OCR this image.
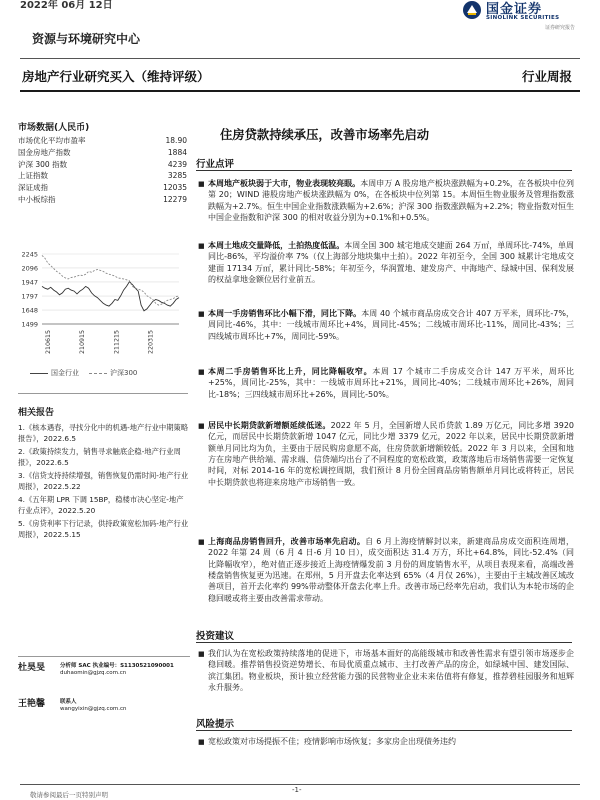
2022年 06月 12日	国金证券
SINOLINK SECURITIES
证券研究报告
资源与环境研究中心
房地产行业研究买入（维持评级）	行业周报
市场数据(人民币)
市场优化平均市盈率	18.90
国金房地产指数	1884
沪深 300 指数	4239
上证指数	3285
深证成指	12035
中小板综指	12279
2245
2096
1947
1797
1648
1499
210615	210915	211215	220315
国金行业	沪深300
相关报告
1.《核本遇春，寻找分化中的机遇-地产行业中期策略报告》，2022.6.5
2.《政策持续发力，销售寻求触底企稳-地产行业周报》，2022.6.5
3.《信贷支持持续增强，销售恢复仍需时间-地产行业周报》，2022.5.22
4.《五年期 LPR 下调 15BP，稳楼市决心坚定-地产行业点评》，2022.5.20
5.《房贷利率下行记录，供持政策宽松加码-地产行业周报》，2022.5.15
杜昊旻	分析师 SAC 执业编号：S1130521090001
duhaomin@gjzq.com.cn
王艳馨	联系人
wangyixin@gjzq.com.cn
住房贷款持续承压，改善市场率先启动
行业点评
■ 本周地产板块弱于大市，物业表现较亮眼。本周申万 A 股房地产板块涨跌幅为+0.2%，在各板块中位列第 20；WIND 港股房地产板块涨跌幅为 0%，在各板块中位列第 15。本周恒生物业服务及管理指数涨跌幅为+2.7%。恒生中国企业指数涨跌幅为+2.6%；沪深 300 指数涨跌幅为+2.2%；物业指数对恒生中国企业指数和沪深 300 的相对收益分别为+0.1%和+0.5%。
■ 本周土地成交量降低，土拍热度低温。本周全国 300 城宅地成交建面 264 万㎡，单周环比-74%，单周同比-86%，平均溢价率 7%（仅上海部分地块集中土拍）。2022 年初至今，全国 300 城累计宅地成交建面 17134 万㎡，累计同比-58%；年初至今，华润置地、建发房产、中海地产、绿城中国、保利发展的权益拿地金额位居行业前五。
■ 本周一手房销售环比小幅下滑，同比下降。本周 40 个城市商品房成交合计 407 万平米，周环比-7%，周同比-46%，其中：一线城市周环比+4%，周同比-45%；二线城市周环比-11%，周同比-43%；三四线城市周环比+7%，周同比-59%。
■ 本周二手房销售环比上升，同比降幅收窄。本周 17 个城市二手房成交合计 147 万平米，周环比+25%，周同比-25%，其中：一线城市周环比+21%，周同比-40%；二线城市周环比+26%，周同比-18%；三四线城市周环比+26%，周同比-50%。
■ 居民中长期贷款新增额延续低迷。2022 年 5 月，全国新增人民币贷款 1.89 万亿元，同比多增 3920 亿元，而居民中长期贷款新增 1047 亿元，同比少增 3379 亿元，2022 年以来，居民中长期贷款新增额单月同比均为负，主要由于居民购房意愿不高，住房贷款新增额较低。2022 年 3 月以来，全国和地方在房地产供给端、需求端、信贷端均出台了不同程度的宽松政策，政策落地后市场销售需要一定恢复时间，对标 2014-16 年的宽松调控周期，我们预计 8 月份全国商品房销售额单月同比或将转正，居民中长期贷款也将迎来房地产市场销售一致。
■ 上海商品房销售回升，改善市场率先启动。自 6 月上海疫情解封以来，新建商品房成交面积连周增，2022 年第 24 周（6 月 4 日-6 月 10 日），成交面积达 31.4 万方，环比+64.8%，同比-52.4%（同比降幅收窄），绝对值正逐步接近上海疫情爆发前 3 月份的周度销售水平，从项目表现来看，高端改善楼盘销售恢复更为迅速。在郑州，5 月开盘去化率达到 65%（4 月仅 26%），主要由于主城改善区域改善项目，首开去化率约 99%带动整体开盘去化率上升。改善市场已经率先启动，我们认为本轮市场的企稳回暖或将主要由改善需求带动。
投资建议
■ 我们认为在宽松政策持续落地的促进下，市场基本面好的高能级城市和改善性需求有望引领市场逐步企稳回暖。推荐销售投资逆势增长、布局优质重点城市、主打改善产品的房企，如绿城中国、建发国际、滨江集团。物业板块，预计独立经营能力强的民营物业企业未来估值将有修复，推荐碧桂园服务和旭辉永升服务。
风险提示
■ 宽松政策对市场提振不佳；疫情影响市场恢复；多家房企出现债务违约
敬请参阅最后一页特别声明
-1-
